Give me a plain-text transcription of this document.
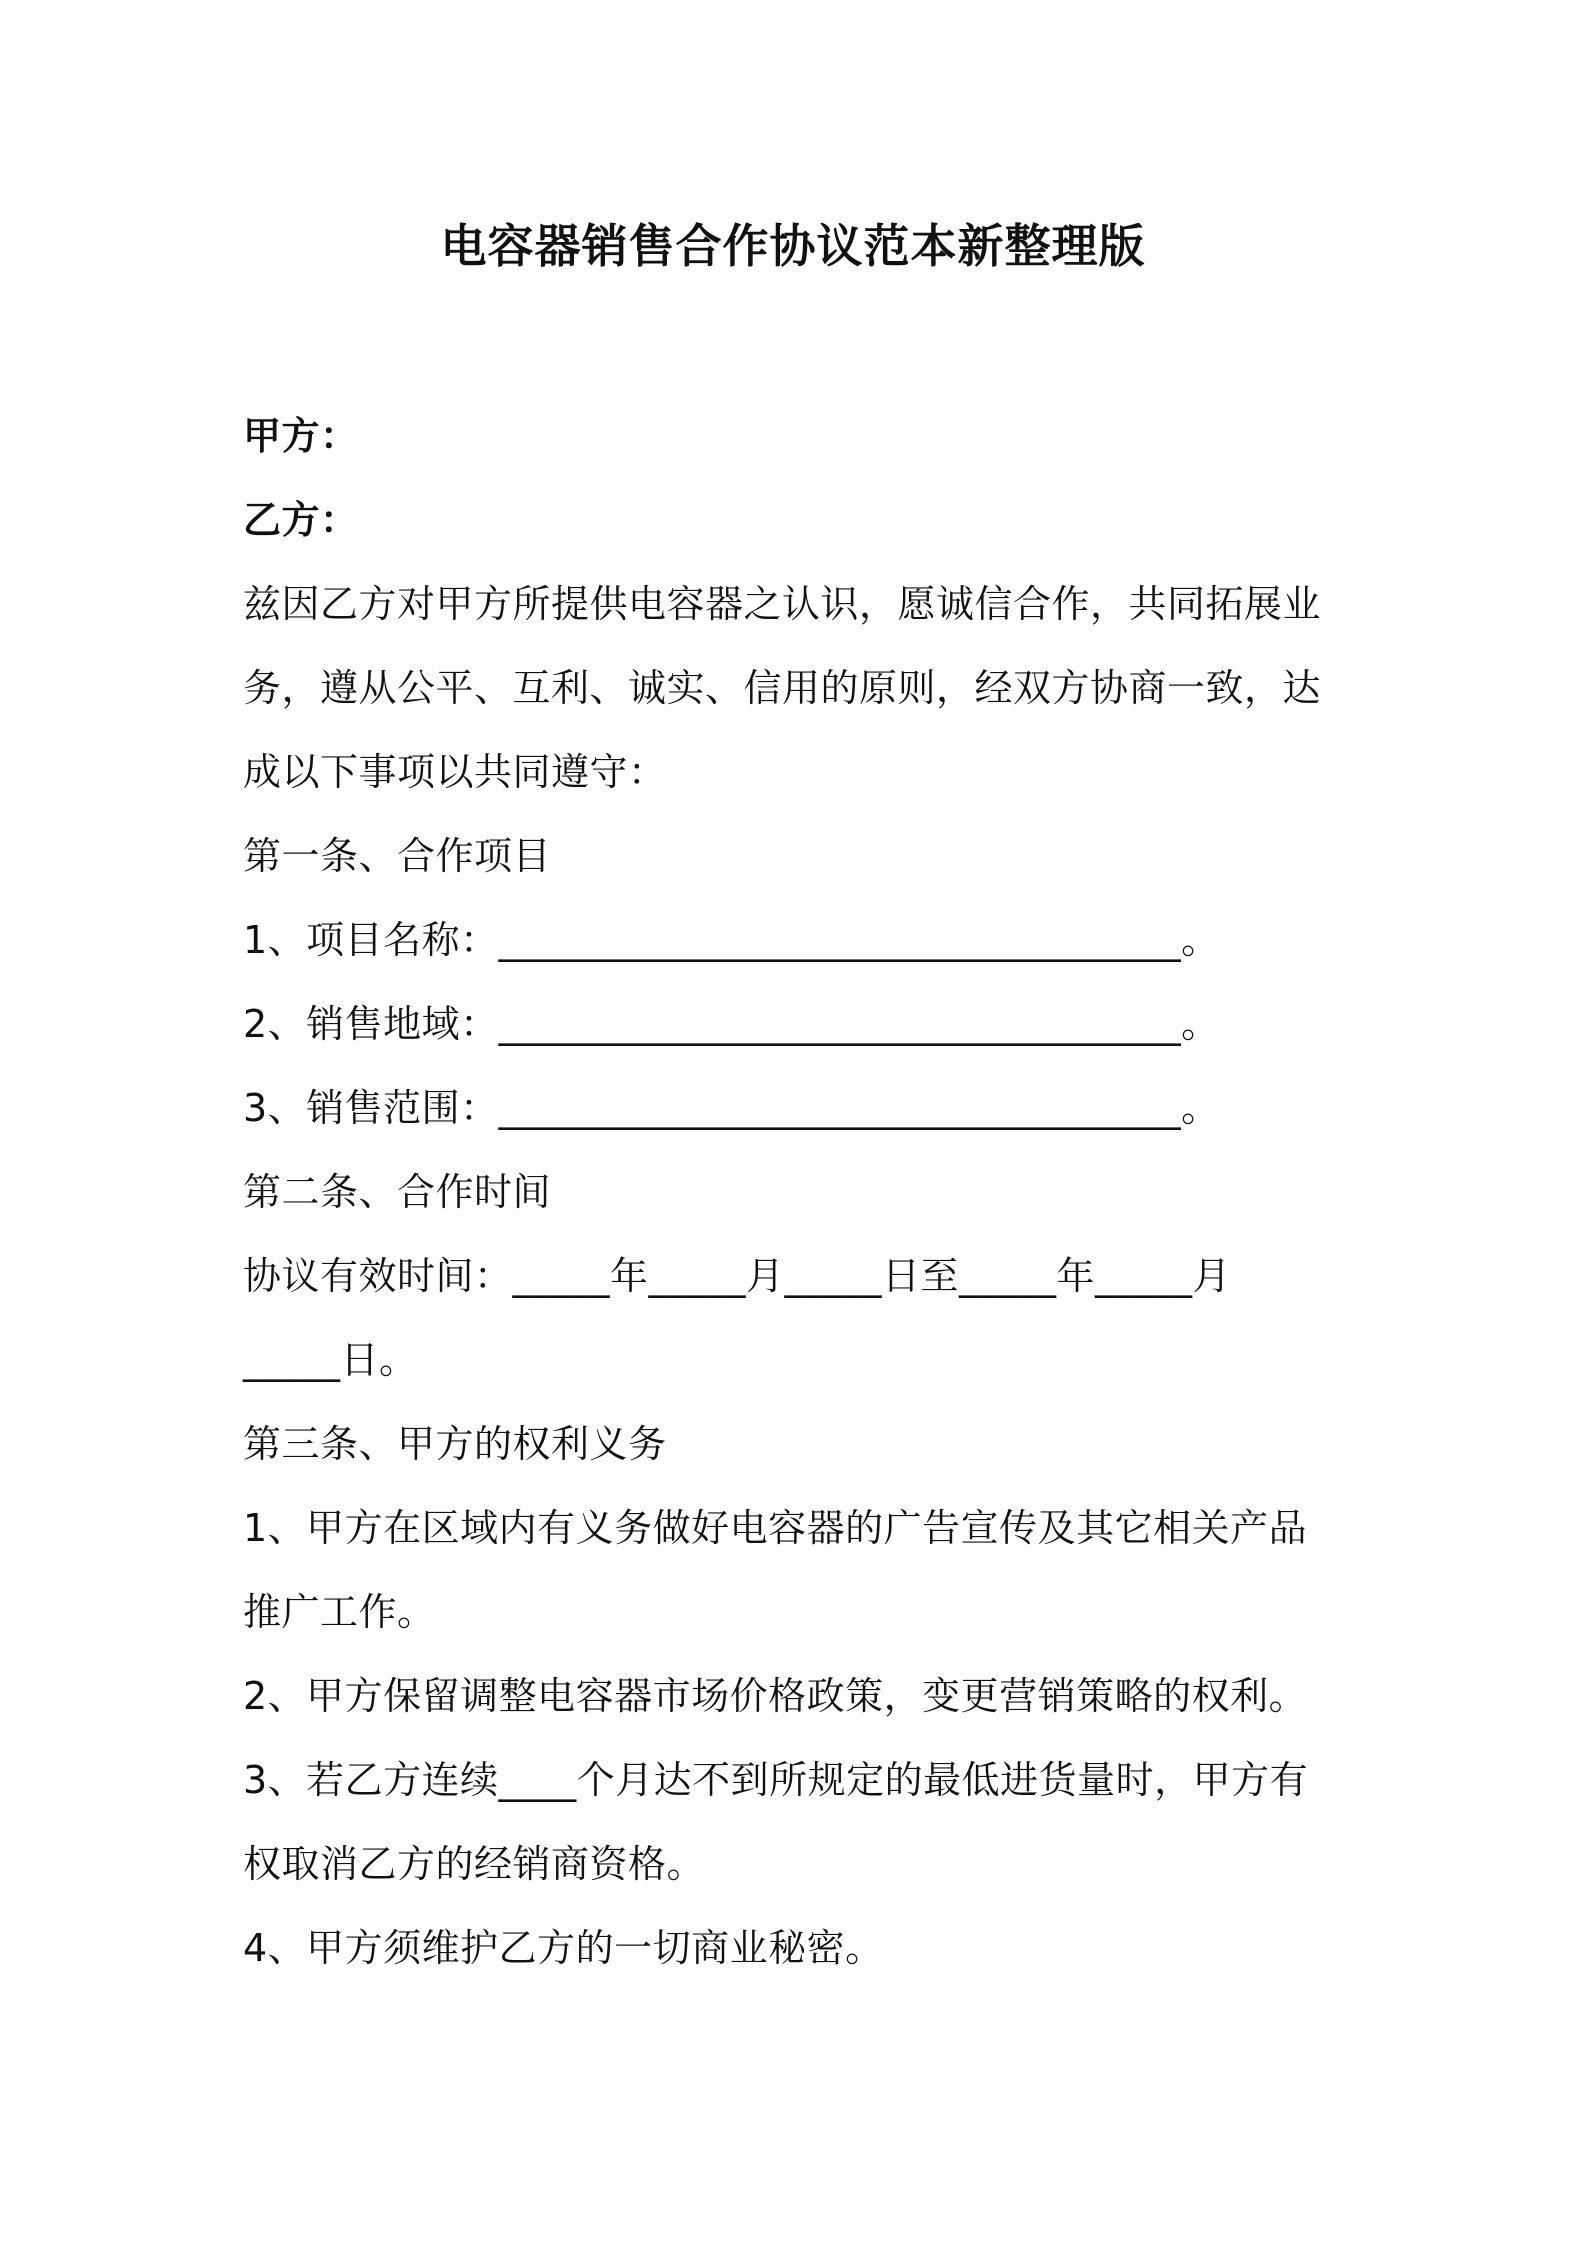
电容器销售合作协议范本新整理版
甲方：
乙方：
兹因乙方对甲方所提供电容器之认识，愿诚信合作，共同拓展业
务，遵从公平、互利、诚实、信用的原则，经双方协商一致，达
成以下事项以共同遵守：
第一条、合作项目
1、项目名称：___________________________________。
2、销售地域：___________________________________。
3、销售范围：___________________________________。
第二条、合作时间
协议有效时间：_____年_____月_____日至_____年_____月
_____日。
第三条、甲方的权利义务
1、甲方在区域内有义务做好电容器的广告宣传及其它相关产品
推广工作。
2、甲方保留调整电容器市场价格政策，变更营销策略的权利。
3、若乙方连续____个月达不到所规定的最低进货量时，甲方有
权取消乙方的经销商资格。
4、甲方须维护乙方的一切商业秘密。
